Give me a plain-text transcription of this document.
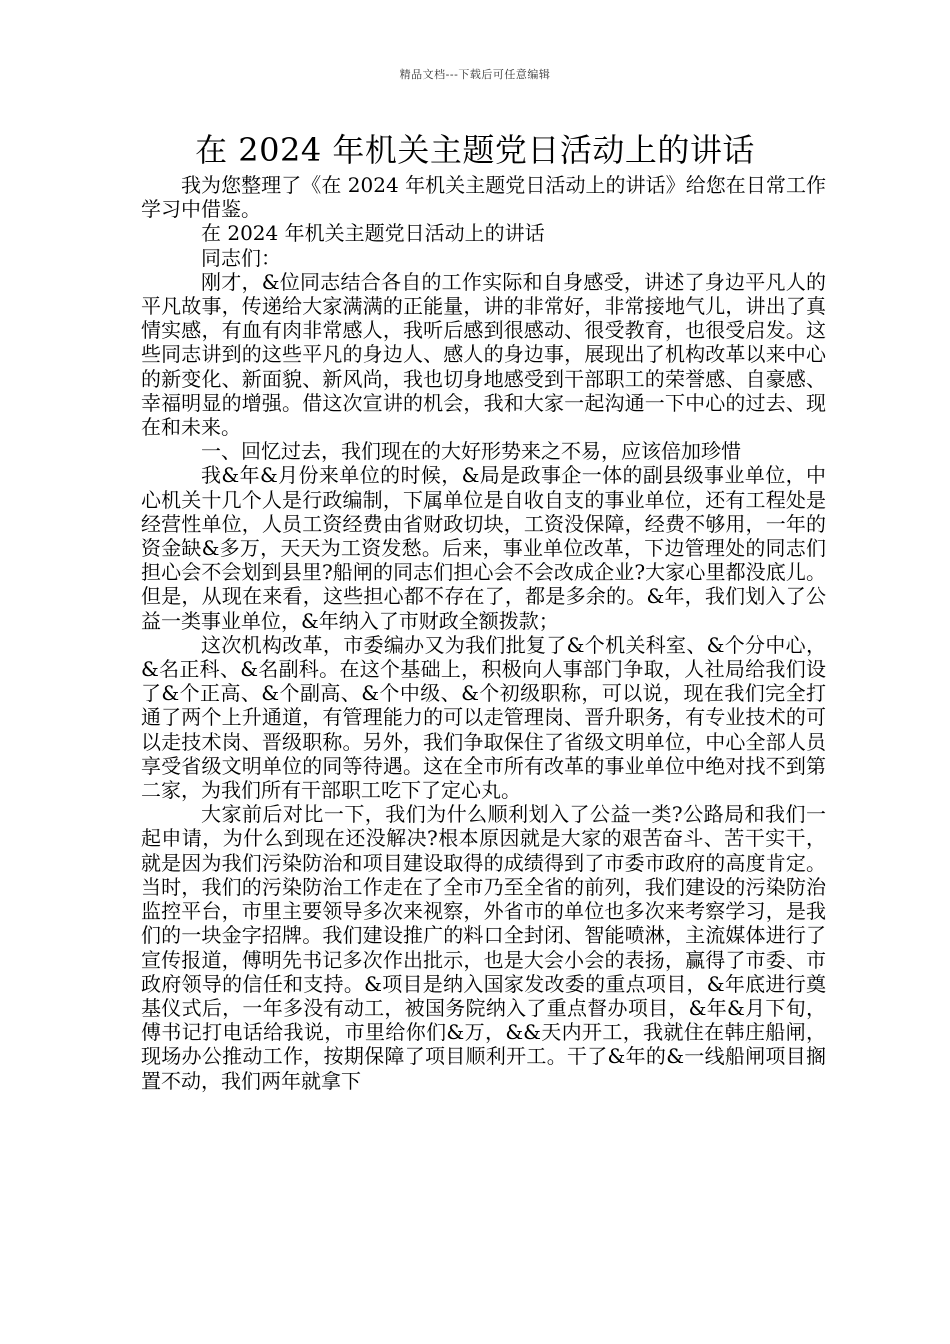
精品文档---下载后可任意编辑
在 2024 年机关主题党日活动上的讲话

我为您整理了《在 2024 年机关主题党日活动上的讲话》给您在日常工作学习中借鉴。

在 2024 年机关主题党日活动上的讲话

同志们：

刚才，&位同志结合各自的工作实际和自身感受，讲述了身边平凡人的平凡故事，传递给大家满满的正能量，讲的非常好，非常接地气儿，讲出了真情实感，有血有肉非常感人，我听后感到很感动、很受教育，也很受启发。这些同志讲到的这些平凡的身边人、感人的身边事，展现出了机构改革以来中心的新变化、新面貌、新风尚，我也切身地感受到干部职工的荣誉感、自豪感、幸福明显的增强。借这次宣讲的机会，我和大家一起沟通一下中心的过去、现在和未来。

一、回忆过去，我们现在的大好形势来之不易，应该倍加珍惜

我&年&月份来单位的时候，&局是政事企一体的副县级事业单位，中心机关十几个人是行政编制，下属单位是自收自支的事业单位，还有工程处是经营性单位，人员工资经费由省财政切块，工资没保障，经费不够用，一年的资金缺&多万，天天为工资发愁。后来，事业单位改革，下边管理处的同志们担心会不会划到县里?船闸的同志们担心会不会改成企业?大家心里都没底儿。但是，从现在来看，这些担心都不存在了，都是多余的。&年，我们划入了公益一类事业单位，&年纳入了市财政全额拨款；

这次机构改革，市委编办又为我们批复了&个机关科室、&个分中心，&名正科、&名副科。在这个基础上，积极向人事部门争取，人社局给我们设了&个正高、&个副高、&个中级、&个初级职称，可以说，现在我们完全打通了两个上升通道，有管理能力的可以走管理岗、晋升职务，有专业技术的可以走技术岗、晋级职称。另外，我们争取保住了省级文明单位，中心全部人员享受省级文明单位的同等待遇。这在全市所有改革的事业单位中绝对找不到第二家，为我们所有干部职工吃下了定心丸。

大家前后对比一下，我们为什么顺利划入了公益一类?公路局和我们一起申请，为什么到现在还没解决?根本原因就是大家的艰苦奋斗、苦干实干，就是因为我们污染防治和项目建设取得的成绩得到了市委市政府的高度肯定。当时，我们的污染防治工作走在了全市乃至全省的前列，我们建设的污染防治监控平台，市里主要领导多次来视察，外省市的单位也多次来考察学习，是我们的一块金字招牌。我们建设推广的料口全封闭、智能喷淋，主流媒体进行了宣传报道，傅明先书记多次作出批示，也是大会小会的表扬，赢得了市委、市政府领导的信任和支持。&项目是纳入国家发改委的重点项目，&年底进行奠基仪式后，一年多没有动工，被国务院纳入了重点督办项目，&年&月下旬，傅书记打电话给我说，市里给你们&万，&&天内开工，我就住在韩庄船闸，现场办公推动工作，按期保障了项目顺利开工。干了&年的&一线船闸项目搁置不动，我们两年就拿下
